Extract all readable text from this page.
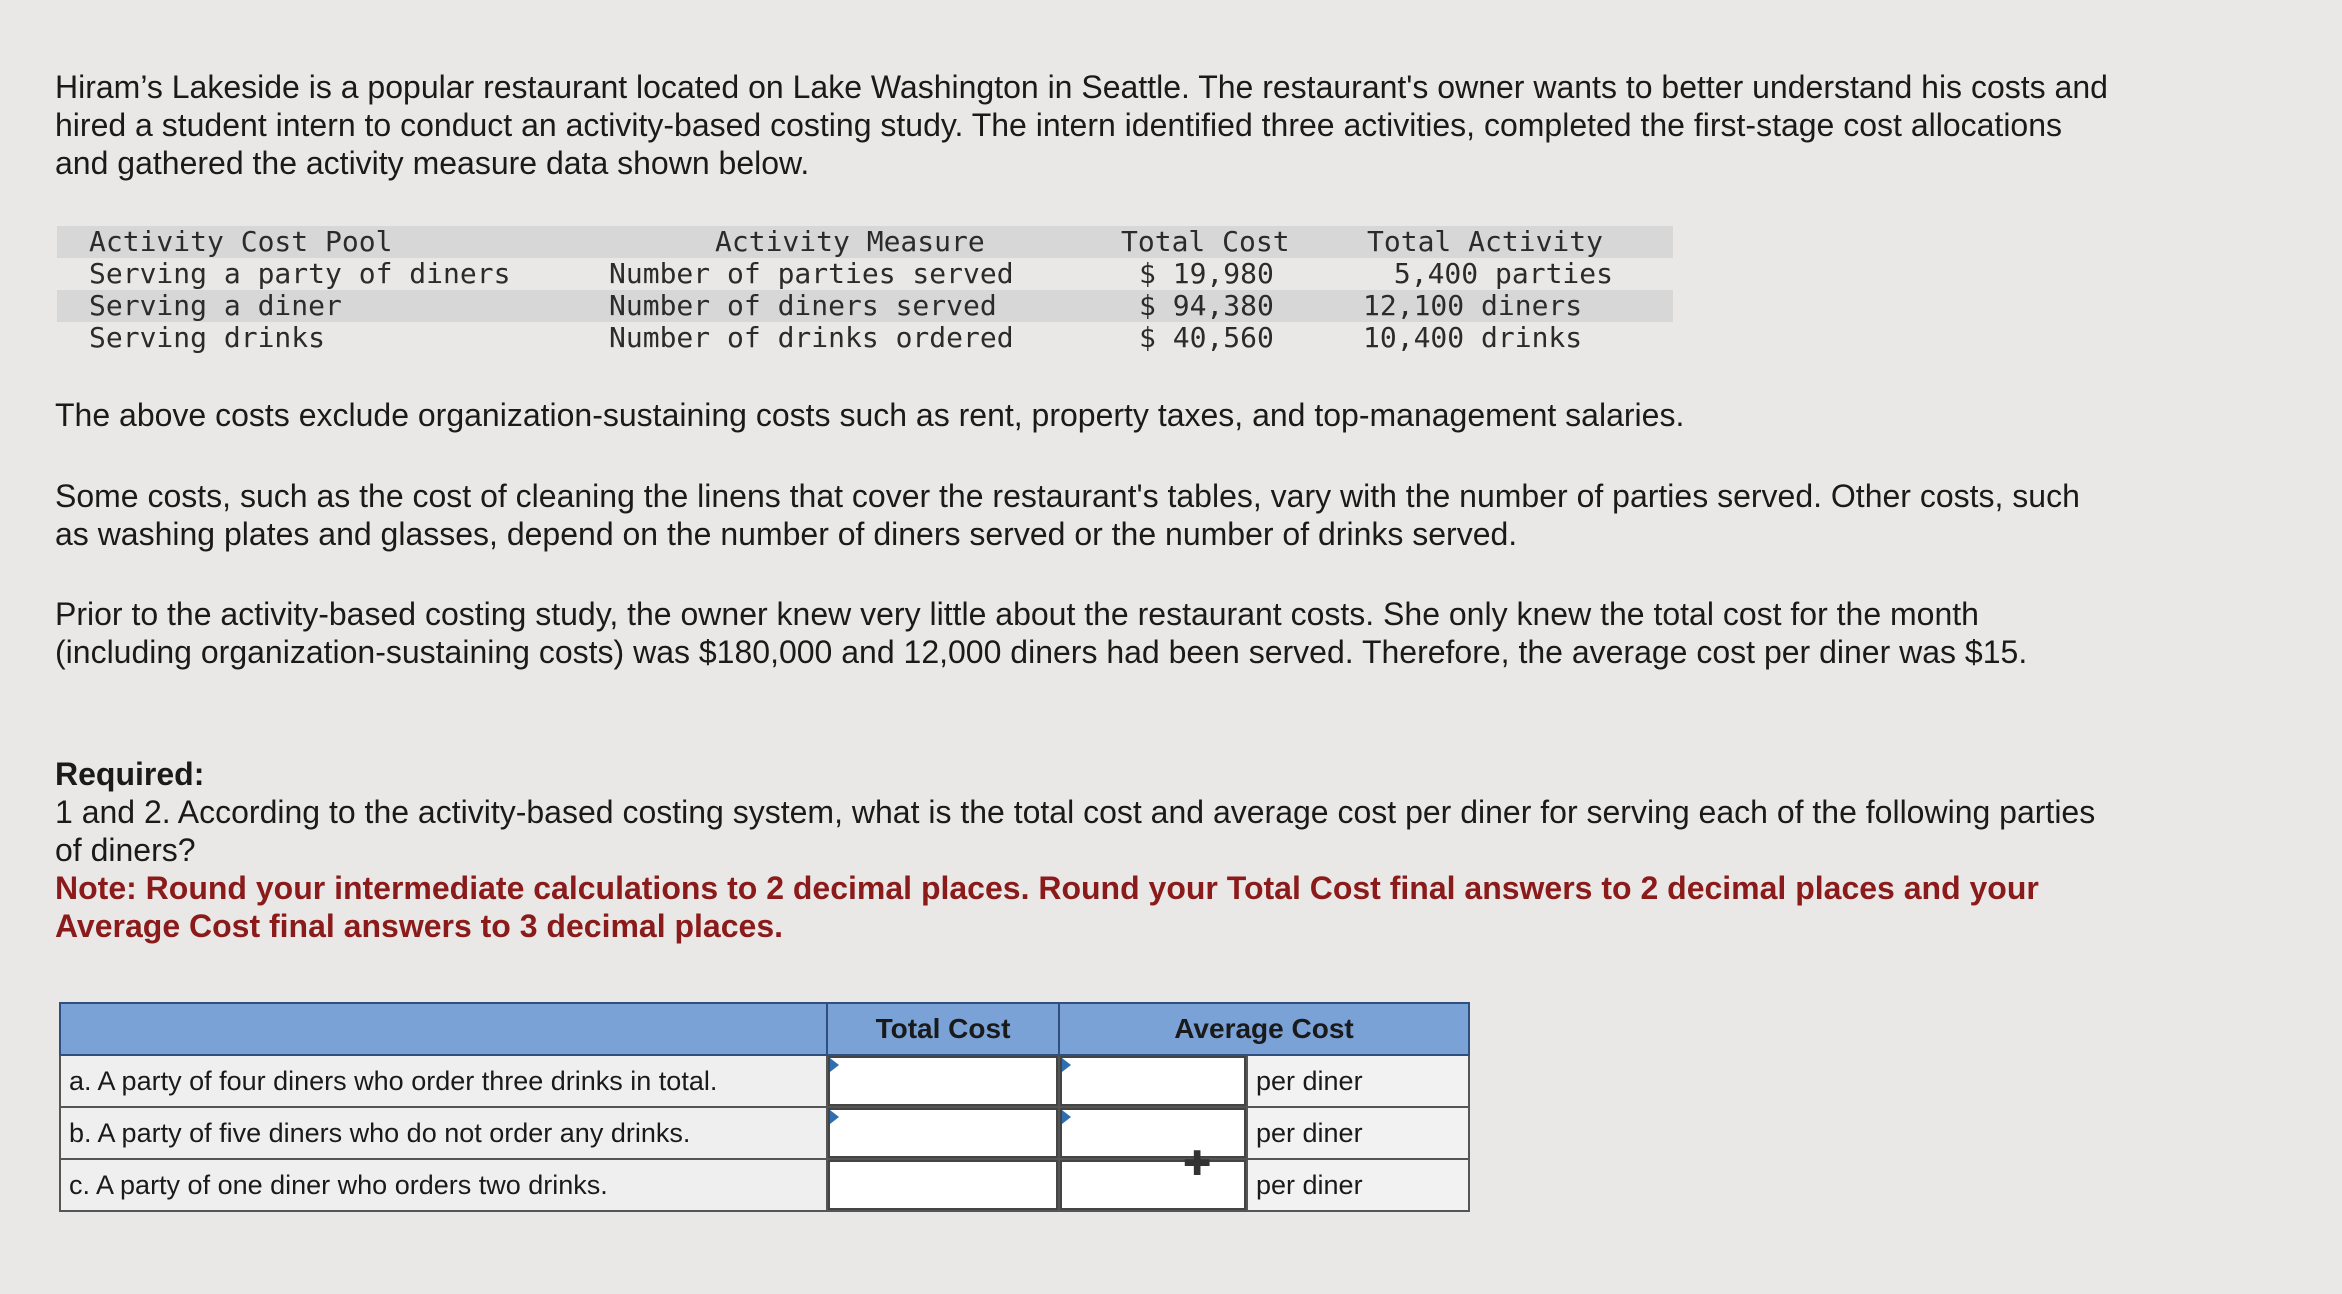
Hiram’s Lakeside is a popular restaurant located on Lake Washington in Seattle. The restaurant's owner wants to better understand his costs and hired a student intern to conduct an activity-based costing study. The intern identified three activities, completed the first-stage cost allocations and gathered the activity measure data shown below.

Activity Cost Pool	Activity Measure	Total Cost	Total Activity
Serving a party of diners	Number of parties served	$ 19,980	5,400 parties
Serving a diner	Number of diners served	$ 94,380	12,100 diners
Serving drinks	Number of drinks ordered	$ 40,560	10,400 drinks

The above costs exclude organization-sustaining costs such as rent, property taxes, and top-management salaries.

Some costs, such as the cost of cleaning the linens that cover the restaurant's tables, vary with the number of parties served. Other costs, such as washing plates and glasses, depend on the number of diners served or the number of drinks served.

Prior to the activity-based costing study, the owner knew very little about the restaurant costs. She only knew the total cost for the month (including organization-sustaining costs) was $180,000 and 12,000 diners had been served. Therefore, the average cost per diner was $15.

Required:
1 and 2. According to the activity-based costing system, what is the total cost and average cost per diner for serving each of the following parties of diners?
Note: Round your intermediate calculations to 2 decimal places. Round your Total Cost final answers to 2 decimal places and your Average Cost final answers to 3 decimal places.
	Total Cost	Average Cost	
a. A party of four diners who order three drinks in total.			per diner
b. A party of five diners who do not order any drinks.			per diner
c. A party of one diner who orders two drinks.			per diner
✚
